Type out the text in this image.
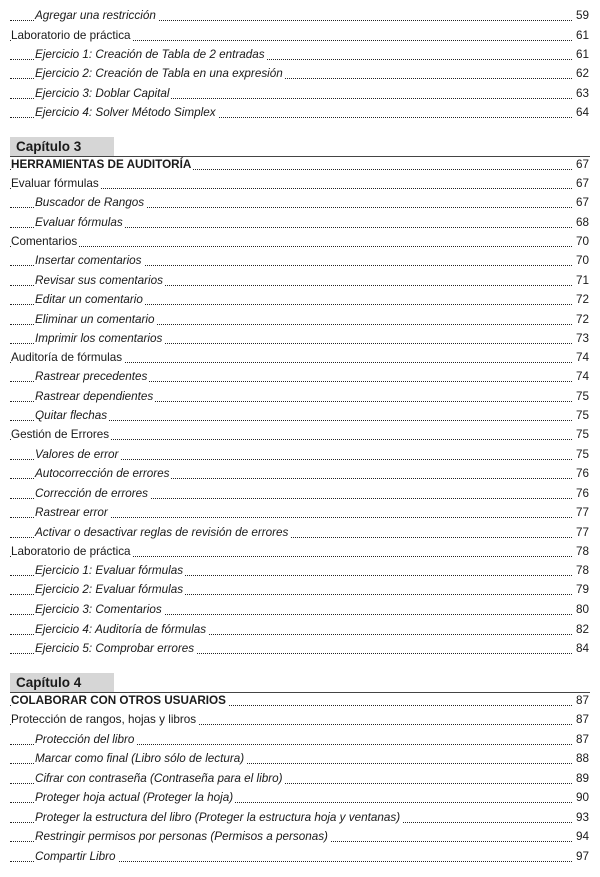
Agregar una restricción	59
Laboratorio de práctica	61
Ejercicio 1: Creación de Tabla de 2 entradas	61
Ejercicio 2: Creación de Tabla en una expresión	62
Ejercicio 3: Doblar Capital	63
Ejercicio 4: Solver Método Simplex	64
Capítulo 3
HERRAMIENTAS DE AUDITORÍA	67
Evaluar fórmulas	67
Buscador de Rangos	67
Evaluar fórmulas	68
Comentarios	70
Insertar comentarios	70
Revisar sus comentarios	71
Editar un comentario	72
Eliminar un comentario	72
Imprimir los comentarios	73
Auditoría de fórmulas	74
Rastrear precedentes	74
Rastrear dependientes	75
Quitar flechas	75
Gestión de Errores	75
Valores de error	75
Autocorrección de errores	76
Corrección de errores	76
Rastrear error	77
Activar o desactivar reglas de revisión de errores	77
Laboratorio de práctica	78
Ejercicio 1: Evaluar fórmulas	78
Ejercicio 2: Evaluar fórmulas	79
Ejercicio 3: Comentarios	80
Ejercicio 4: Auditoría de fórmulas	82
Ejercicio 5: Comprobar errores	84
Capítulo 4
COLABORAR CON OTROS USUARIOS	87
Protección de rangos, hojas y libros	87
Protección del libro	87
Marcar como final (Libro sólo de lectura)	88
Cifrar con contraseña (Contraseña para el libro)	89
Proteger hoja actual (Proteger la hoja)	90
Proteger la estructura del libro (Proteger la estructura hoja y ventanas)	93
Restringir permisos por personas (Permisos a personas)	94
Compartir Libro	97
